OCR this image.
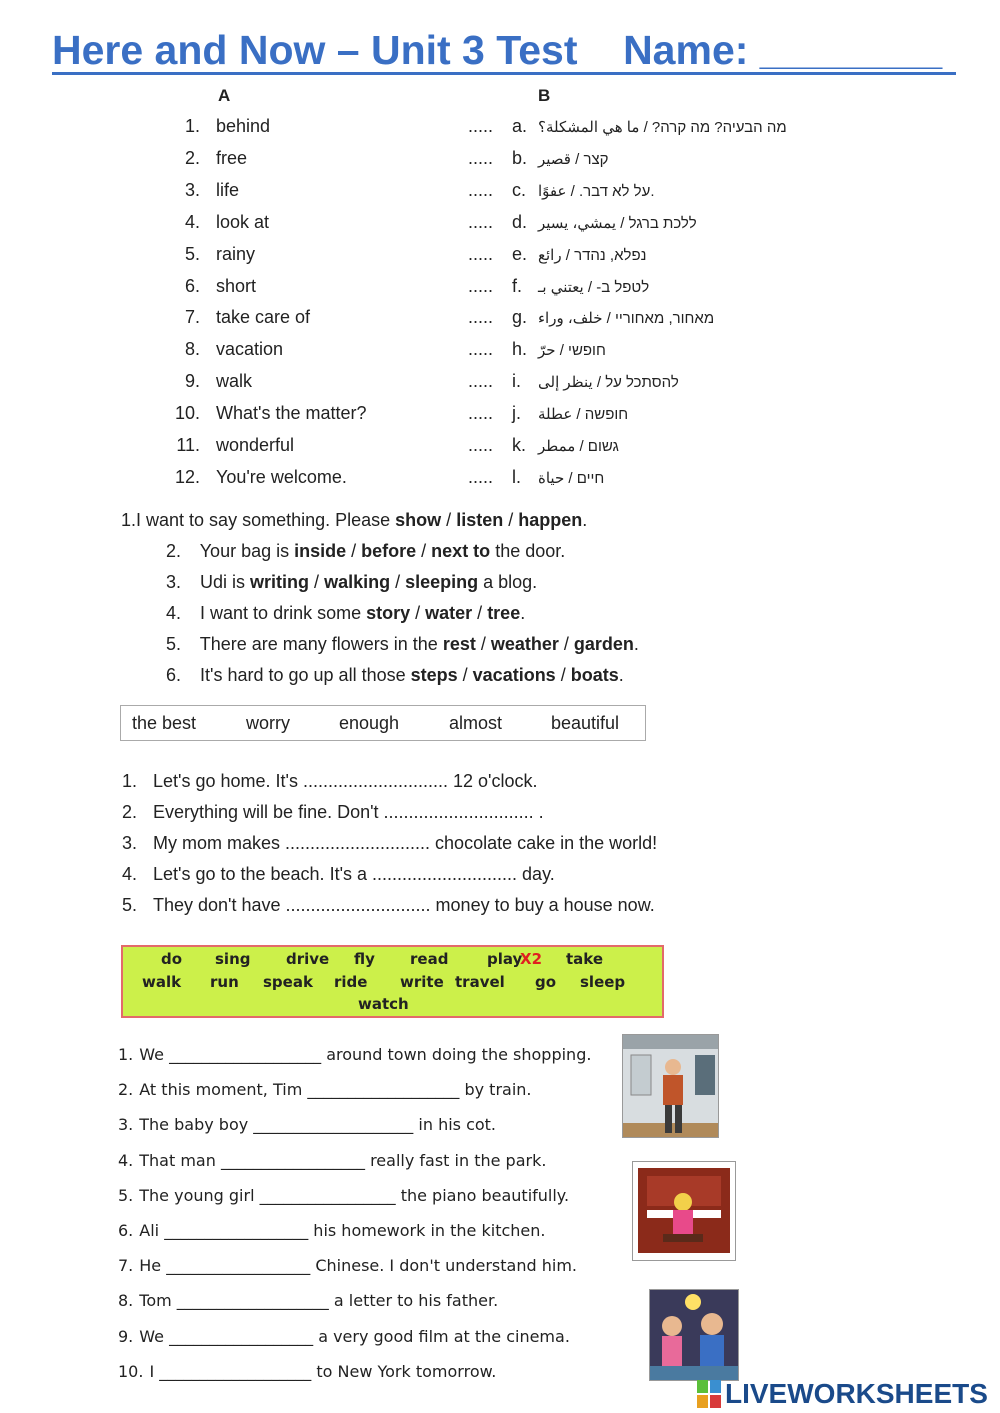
Here and Now – Unit 3 Test    Name: ________
A	B
1. behind	..... a. מה הבעיה? מה קרה? / ما هي المشكلة؟
2. free	..... b. קצר / قصير
3. life	..... c. על לא דבר. / عفوًا.
4. look at	..... d. ללכת ברגל / يمشي، يسير
5. rainy	..... e. נפלא, נהדר / رائع
6. short	..... f. לטפל ב- / يعتني بـ
7. take care of	..... g. מאחור, מאחוריי / خلف، وراء
8. vacation	..... h. חופשי / حرّ
9. walk	..... i. להסתכל על / ينظر إلى
10. What's the matter?	..... j. חופשה / عطلة
11. wonderful	..... k. גשום / ممطر
12. You're welcome.	..... l. חיים / حياة
1.I want to say something. Please show / listen / happen.
2. Your bag is inside / before / next to the door.
3. Udi is writing / walking / sleeping a blog.
4. I want to drink some story / water / tree.
5. There are many flowers in the rest / weather / garden.
6. It's hard to go up all those steps / vacations / boats.
the best	worry	enough	almost	beautiful
1. Let's go home. It's ............................. 12 o'clock.
2. Everything will be fine. Don't .............................. .
3. My mom makes ............................. chocolate cake in the world!
4. Let's go to the beach. It's a ............................. day.
5. They don't have ............................. money to buy a house now.
do sing drive fly read	play	take
X2
walk run speak ride write travel go sleep
watch
1. We ___________________ around town doing the shopping.
2. At this moment, Tim ___________________ by train.
3. The baby boy ____________________ in his cot.
4. That man __________________ really fast in the park.
5. The young girl _________________ the piano beautifully.
6. Ali __________________ his homework in the kitchen.
7. He __________________ Chinese. I don't understand him.
8. Tom ___________________ a letter to his father.
9. We __________________ a very good film at the cinema.
10. I ___________________ to New York tomorrow.
LIVEWORKSHEETS
